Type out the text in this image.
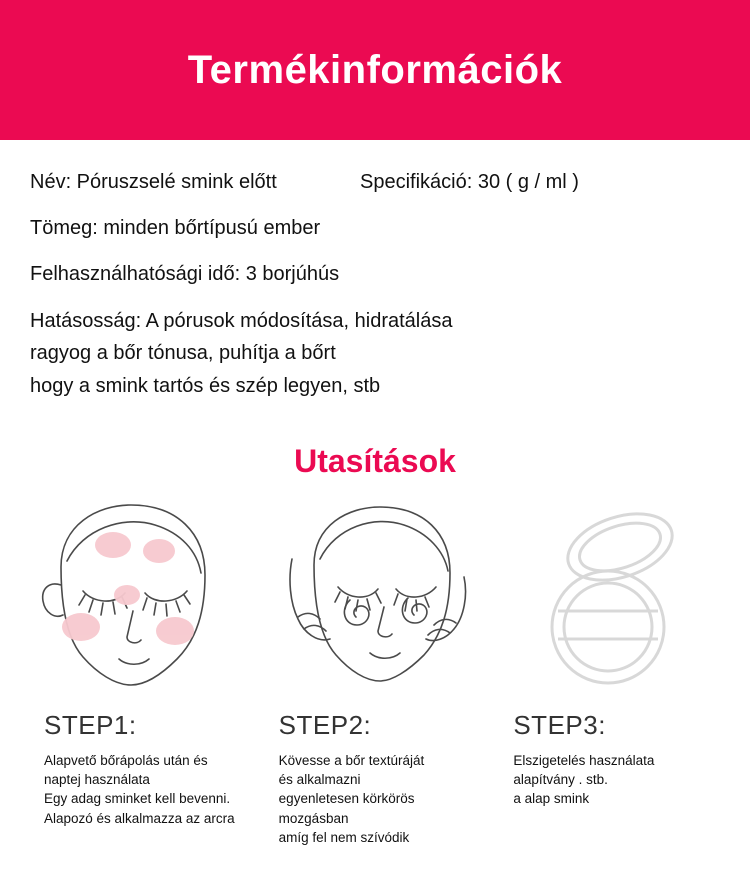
Termékinformációk
Név: Póruszselé smink előtt	Specifikáció: 30 ( g / ml )
Tömeg: minden bőrtípusú ember
Felhasználhatósági idő: 3 borjúhús
Hatásosság: A pórusok módosítása, hidratálása
ragyog a bőr tónusa, puhítja a bőrt
hogy a smink tartós és szép legyen, stb
Utasítások
STEP1:
Alapvető bőrápolás után és
naptej használata
Egy adag sminket kell bevenni.
Alapozó és alkalmazza az arcra
STEP2:
Kövesse a bőr textúráját
és alkalmazni
egyenletesen körkörös mozgásban
amíg fel nem szívódik
STEP3:
Elszigetelés használata
alapítvány . stb.
a alap smink
